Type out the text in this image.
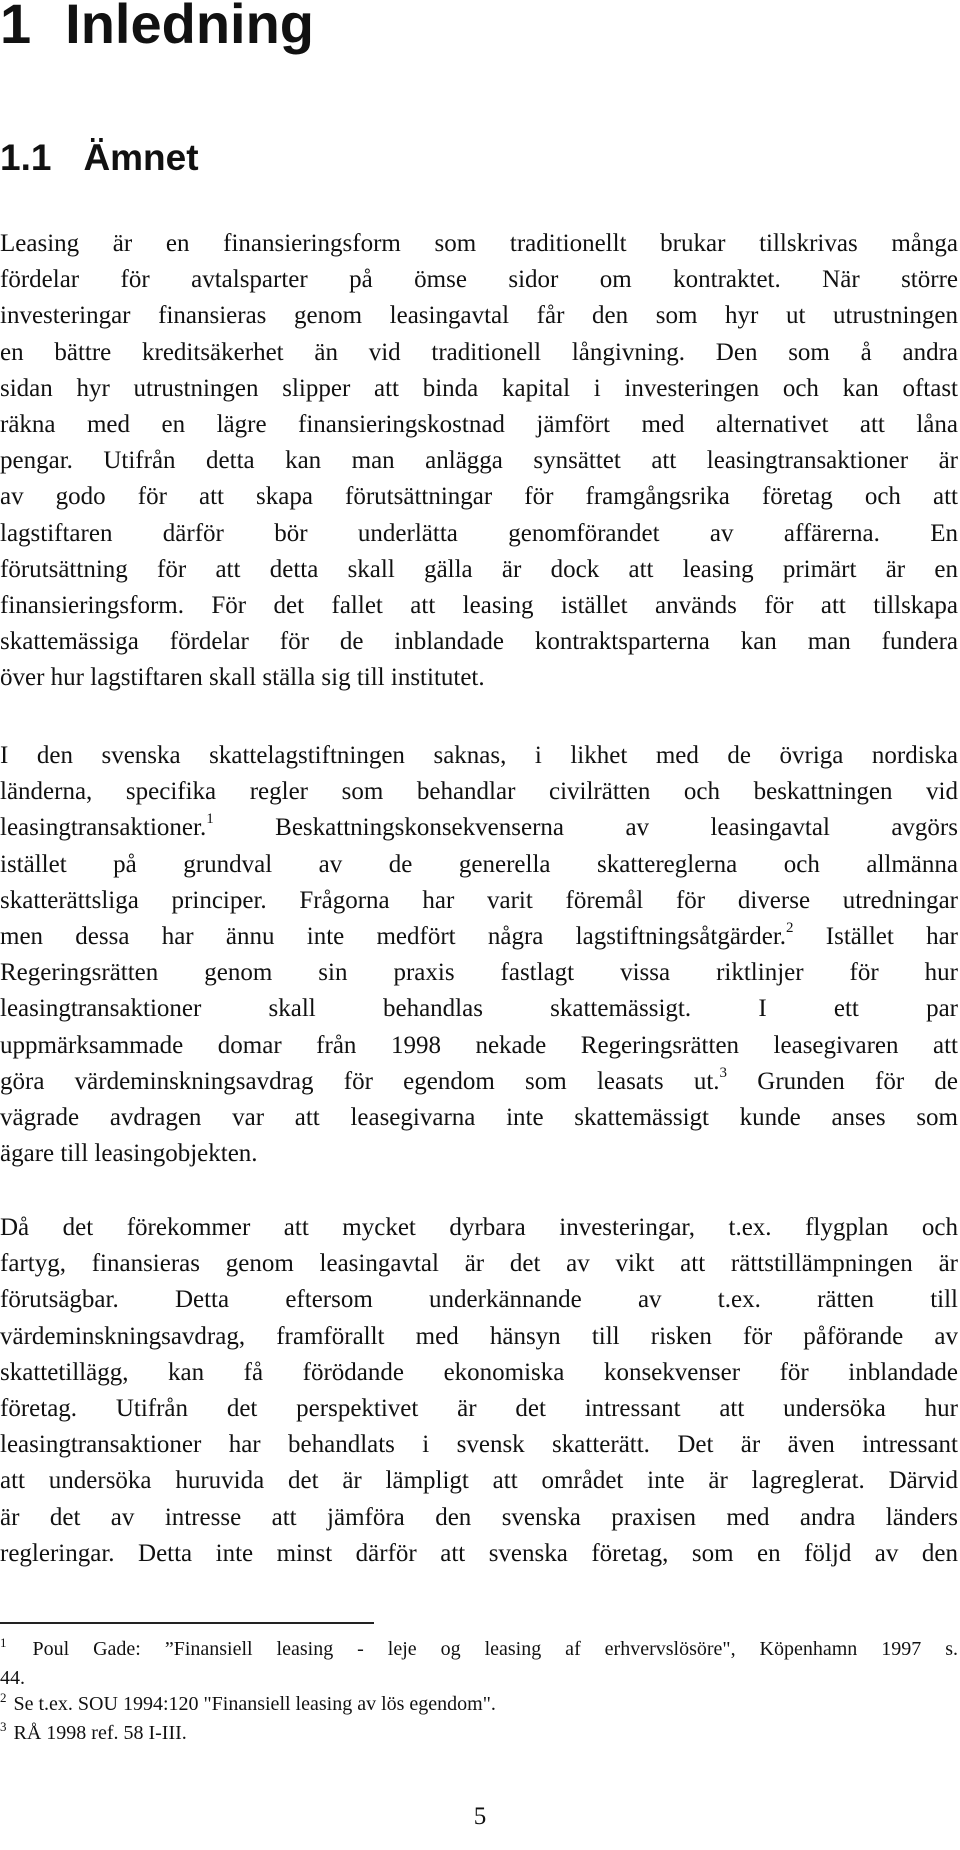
1 Inledning
1.1 Ämnet

Leasing är en finansieringsform som traditionellt brukar tillskrivas många
fördelar för avtalsparter på ömse sidor om kontraktet. När större
investeringar finansieras genom leasingavtal får den som hyr ut utrustningen
en bättre kreditsäkerhet än vid traditionell långivning. Den som å andra
sidan hyr utrustningen slipper att binda kapital i investeringen och kan oftast
räkna med en lägre finansieringskostnad jämfört med alternativet att låna
pengar. Utifrån detta kan man anlägga synsättet att leasingtransaktioner är
av godo för att skapa förutsättningar för framgångsrika företag och att
lagstiftaren därför bör underlätta genomförandet av affärerna. En
förutsättning för att detta skall gälla är dock att leasing primärt är en
finansieringsform. För det fallet att leasing istället används för att tillskapa
skattemässiga fördelar för de inblandade kontraktsparterna kan man fundera
över hur lagstiftaren skall ställa sig till institutet.

I den svenska skattelagstiftningen saknas, i likhet med de övriga nordiska
länderna, specifika regler som behandlar civilrätten och beskattningen vid
leasingtransaktioner.$^1$ Beskattningskonsekvenserna av leasingavtal avgörs
istället på grundval av de generella skattereglerna och allmänna
skatterättsliga principer. Frågorna har varit föremål för diverse utredningar
men dessa har ännu inte medfört några lagstiftningsåtgärder.$^2$ Istället har
Regeringsrätten genom sin praxis fastlagt vissa riktlinjer för hur
leasingtransaktioner skall behandlas skattemässigt. I ett par
uppmärksammade domar från 1998 nekade Regeringsrätten leasegivaren att
göra värdeminskningsavdrag för egendom som leasats ut.$^3$ Grunden för de
vägrade avdragen var att leasegivarna inte skattemässigt kunde anses som
ägare till leasingobjekten.

Då det förekommer att mycket dyrbara investeringar, t.ex. flygplan och
fartyg, finansieras genom leasingavtal är det av vikt att rättstillämpningen är
förutsägbar. Detta eftersom underkännande av t.ex. rätten till
värdeminskningsavdrag, framförallt med hänsyn till risken för påförande av
skattetillägg, kan få förödande ekonomiska konsekvenser för inblandade
företag. Utifrån det perspektivet är det intressant att undersöka hur
leasingtransaktioner har behandlats i svensk skatterätt. Det är även intressant
att undersöka huruvida det är lämpligt att området inte är lagreglerat. Därvid
är det av intresse att jämföra den svenska praxisen med andra länders
regleringar. Detta inte minst därför att svenska företag, som en följd av den

$^1$ Poul Gade: ”Finansiell leasing - leje og leasing af erhvervslösöre", Köpenhamn 1997 s.
44.
$^2$ Se t.ex. SOU 1994:120 "Finansiell leasing av lös egendom".
$^3$ RÅ 1998 ref. 58 I-III.
5
